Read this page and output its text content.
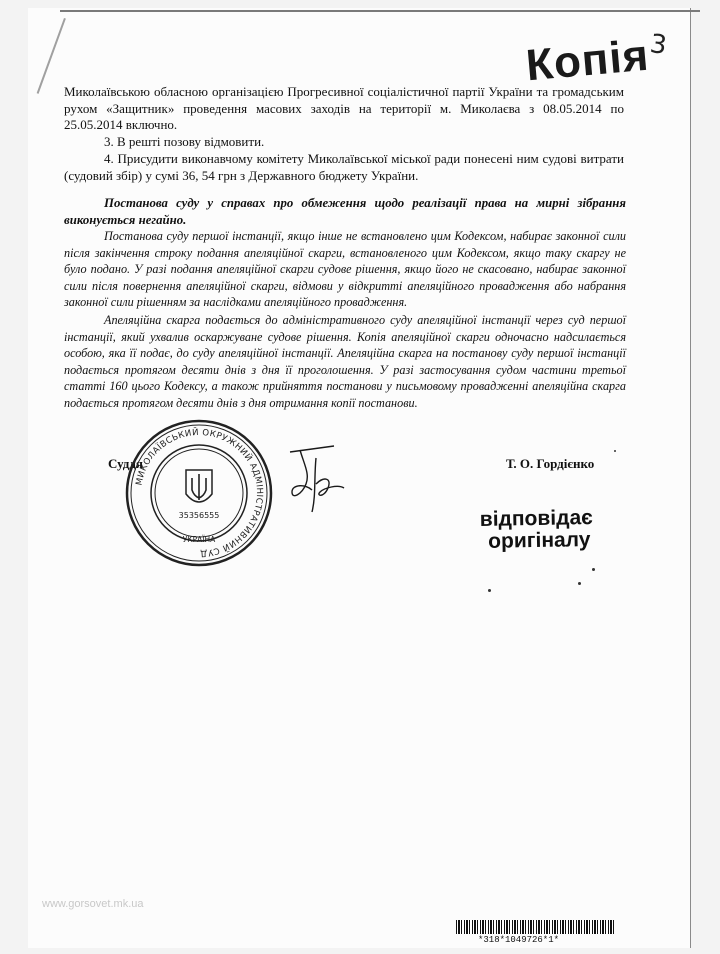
Копія
3
Миколаївською обласною організацією Прогресивної соціалістичної партії України та громадським рухом «Защитник» проведення масових заходів на території м. Миколаєва з 08.05.2014 по 25.05.2014 включно.
3. В решті позову відмовити.
4. Присудити виконавчому комітету Миколаївської міської ради понесені ним судові витрати (судовий збір) у сумі 36, 54 грн з Державного бюджету України.
Постанова суду у справах про обмеження щодо реалізації права на мирні зібрання виконується негайно.
Постанова суду першої інстанції, якщо інше не встановлено цим Кодексом, набирає законної сили після закінчення строку подання апеляційної скарги, встановленого цим Кодексом, якщо таку скаргу не було подано. У разі подання апеляційної скарги судове рішення, якщо його не скасовано, набирає законної сили після повернення апеляційної скарги, відмови у відкритті апеляційного провадження або набрання законної сили рішенням за наслідками апеляційного провадження.
Апеляційна скарга подається до адміністративного суду апеляційної інстанції через суд першої інстанції, який ухвалив оскаржуване судове рішення. Копія апеляційної скарги одночасно надсилається особою, яка її подає, до суду апеляційної інстанції. Апеляційна скарга на постанову суду першої інстанції подається протягом десяти днів з дня її проголошення. У разі застосування судом частини третьої статті 160 цього Кодексу, а також прийняття постанови у письмовому провадженні апеляційна скарга подається протягом десяти днів з дня отримання копії постанови.
Суддя	Т. О. Гордієнко
МИКОЛАЇВСЬКИЙ ОКРУЖНИЙ АДМІНІСТРАТИВНИЙ СУД
35356555
УКРАЇНА
відповідає
оригіналу
www.gorsovet.mk.ua
*318*1049726*1*
